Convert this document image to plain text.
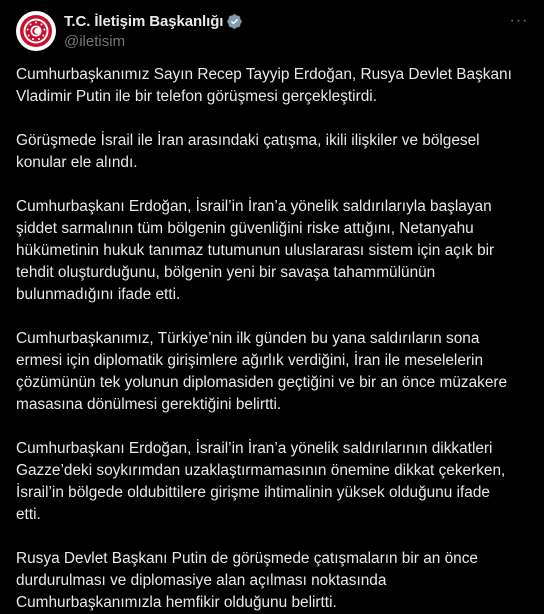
T.C. İletişim Başkanlığı
@iletisim
···

Cumhurbaşkanımız Sayın Recep Tayyip Erdoğan, Rusya Devlet Başkanı
Vladimir Putin ile bir telefon görüşmesi gerçekleştirdi.

Görüşmede İsrail ile İran arasındaki çatışma, ikili ilişkiler ve bölgesel
konular ele alındı.

Cumhurbaşkanı Erdoğan, İsrail’in İran’a yönelik saldırılarıyla başlayan
şiddet sarmalının tüm bölgenin güvenliğini riske attığını, Netanyahu
hükümetinin hukuk tanımaz tutumunun uluslararası sistem için açık bir
tehdit oluşturduğunu, bölgenin yeni bir savaşa tahammülünün
bulunmadığını ifade etti.

Cumhurbaşkanımız, Türkiye’nin ilk günden bu yana saldırıların sona
ermesi için diplomatik girişimlere ağırlık verdiğini, İran ile meselelerin
çözümünün tek yolunun diplomasiden geçtiğini ve bir an önce müzakere
masasına dönülmesi gerektiğini belirtti.

Cumhurbaşkanı Erdoğan, İsrail’in İran’a yönelik saldırılarının dikkatleri
Gazze’deki soykırımdan uzaklaştırmamasının önemine dikkat çekerken,
İsrail’in bölgede oldubittilere girişme ihtimalinin yüksek olduğunu ifade
etti.

Rusya Devlet Başkanı Putin de görüşmede çatışmaların bir an önce
durdurulması ve diplomasiye alan açılması noktasında
Cumhurbaşkanımızla hemfikir olduğunu belirtti.
